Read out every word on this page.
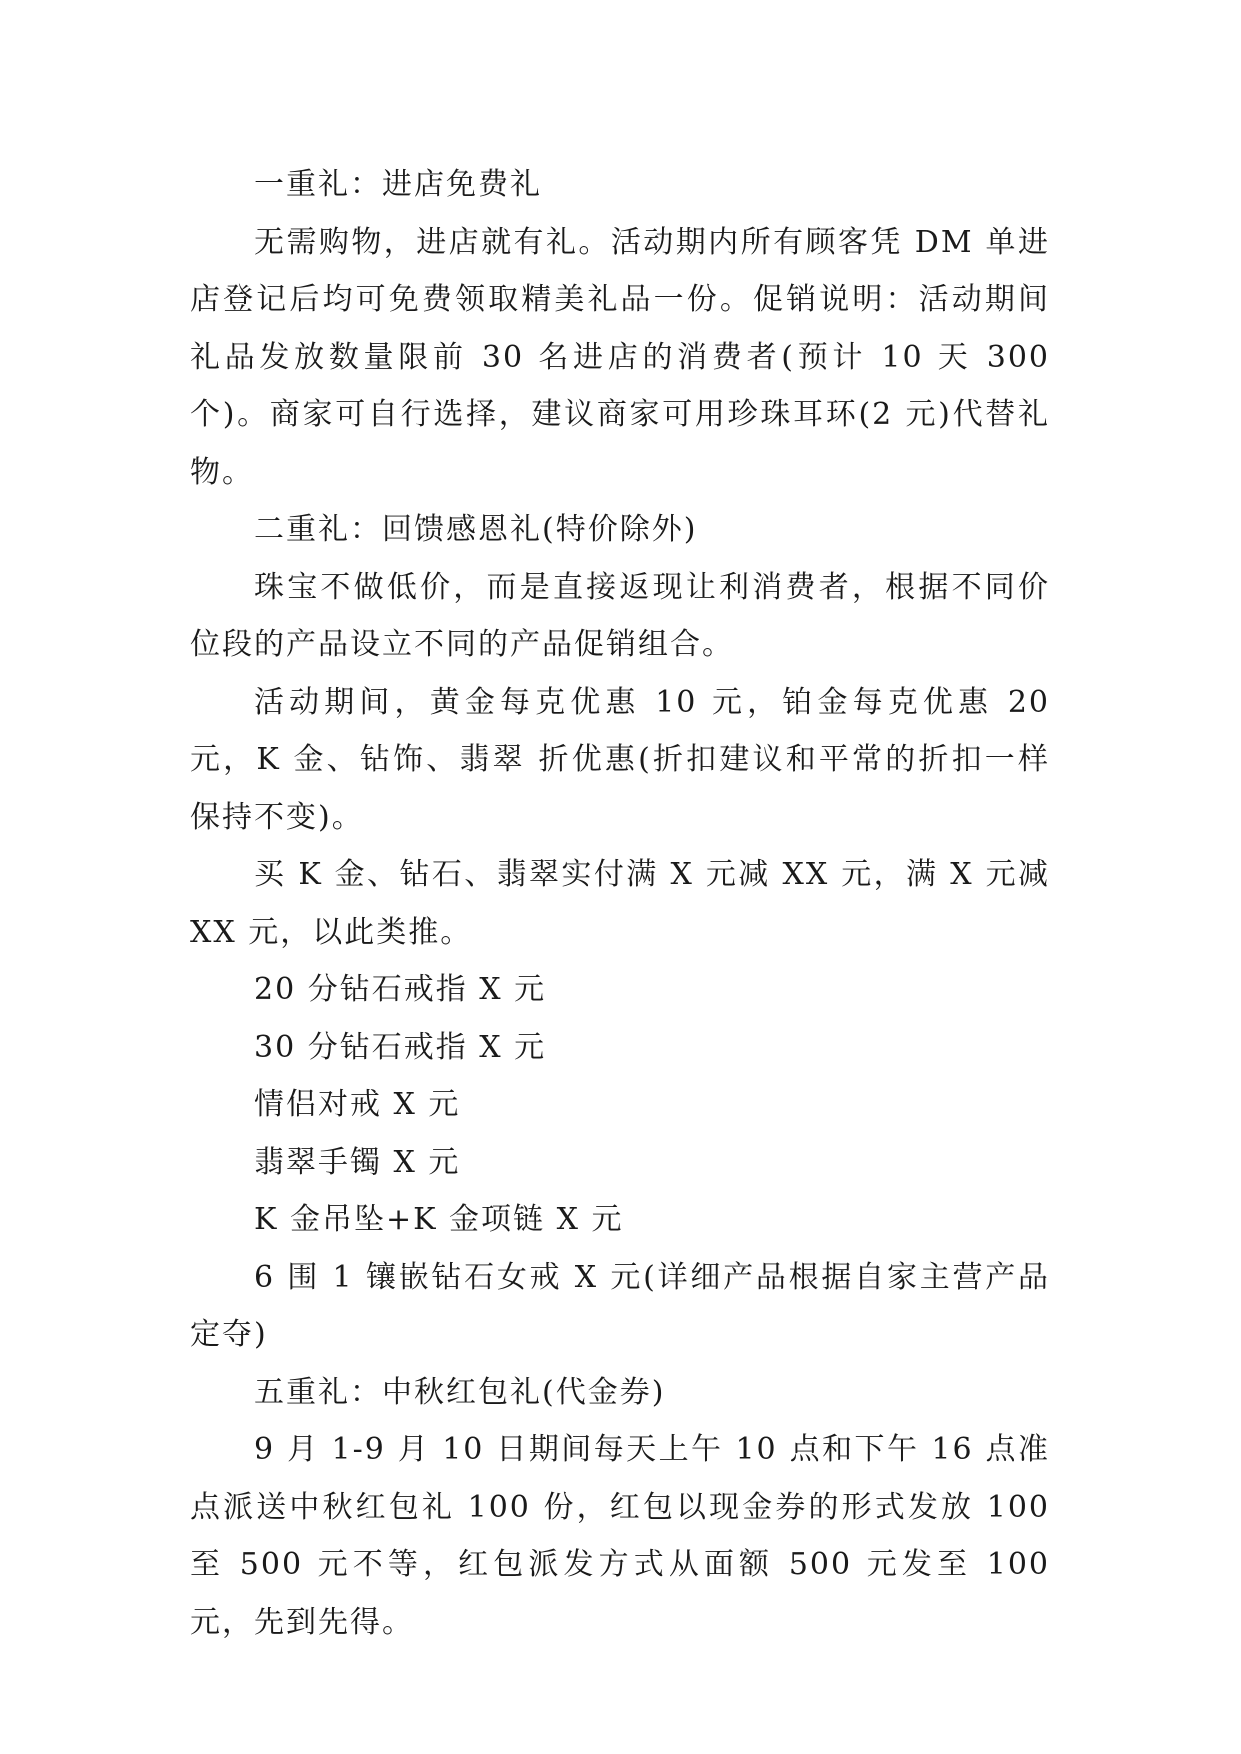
一重礼：进店免费礼

无需购物，进店就有礼。活动期内所有顾客凭 DM 单进店登记后均可免费领取精美礼品一份。促销说明：活动期间礼品发放数量限前 30 名进店的消费者(预计 10 天 300 个)。商家可自行选择，建议商家可用珍珠耳环(2 元)代替礼物。

二重礼：回馈感恩礼(特价除外)

珠宝不做低价，而是直接返现让利消费者，根据不同价位段的产品设立不同的产品促销组合。

活动期间，黄金每克优惠 10 元，铂金每克优惠 20 元，K 金、钻饰、翡翠 折优惠(折扣建议和平常的折扣一样保持不变)。

买 K 金、钻石、翡翠实付满 X 元减 XX 元，满 X 元减 XX 元，以此类推。

20 分钻石戒指 X 元

30 分钻石戒指 X 元

情侣对戒 X 元

翡翠手镯 X 元

K 金吊坠+K 金项链 X 元

6 围 1 镶嵌钻石女戒 X 元(详细产品根据自家主营产品定夺)

五重礼：中秋红包礼(代金券)

9 月 1-9 月 10 日期间每天上午 10 点和下午 16 点准点派送中秋红包礼 100 份，红包以现金券的形式发放 100 至 500 元不等，红包派发方式从面额 500 元发至 100 元，先到先得。
